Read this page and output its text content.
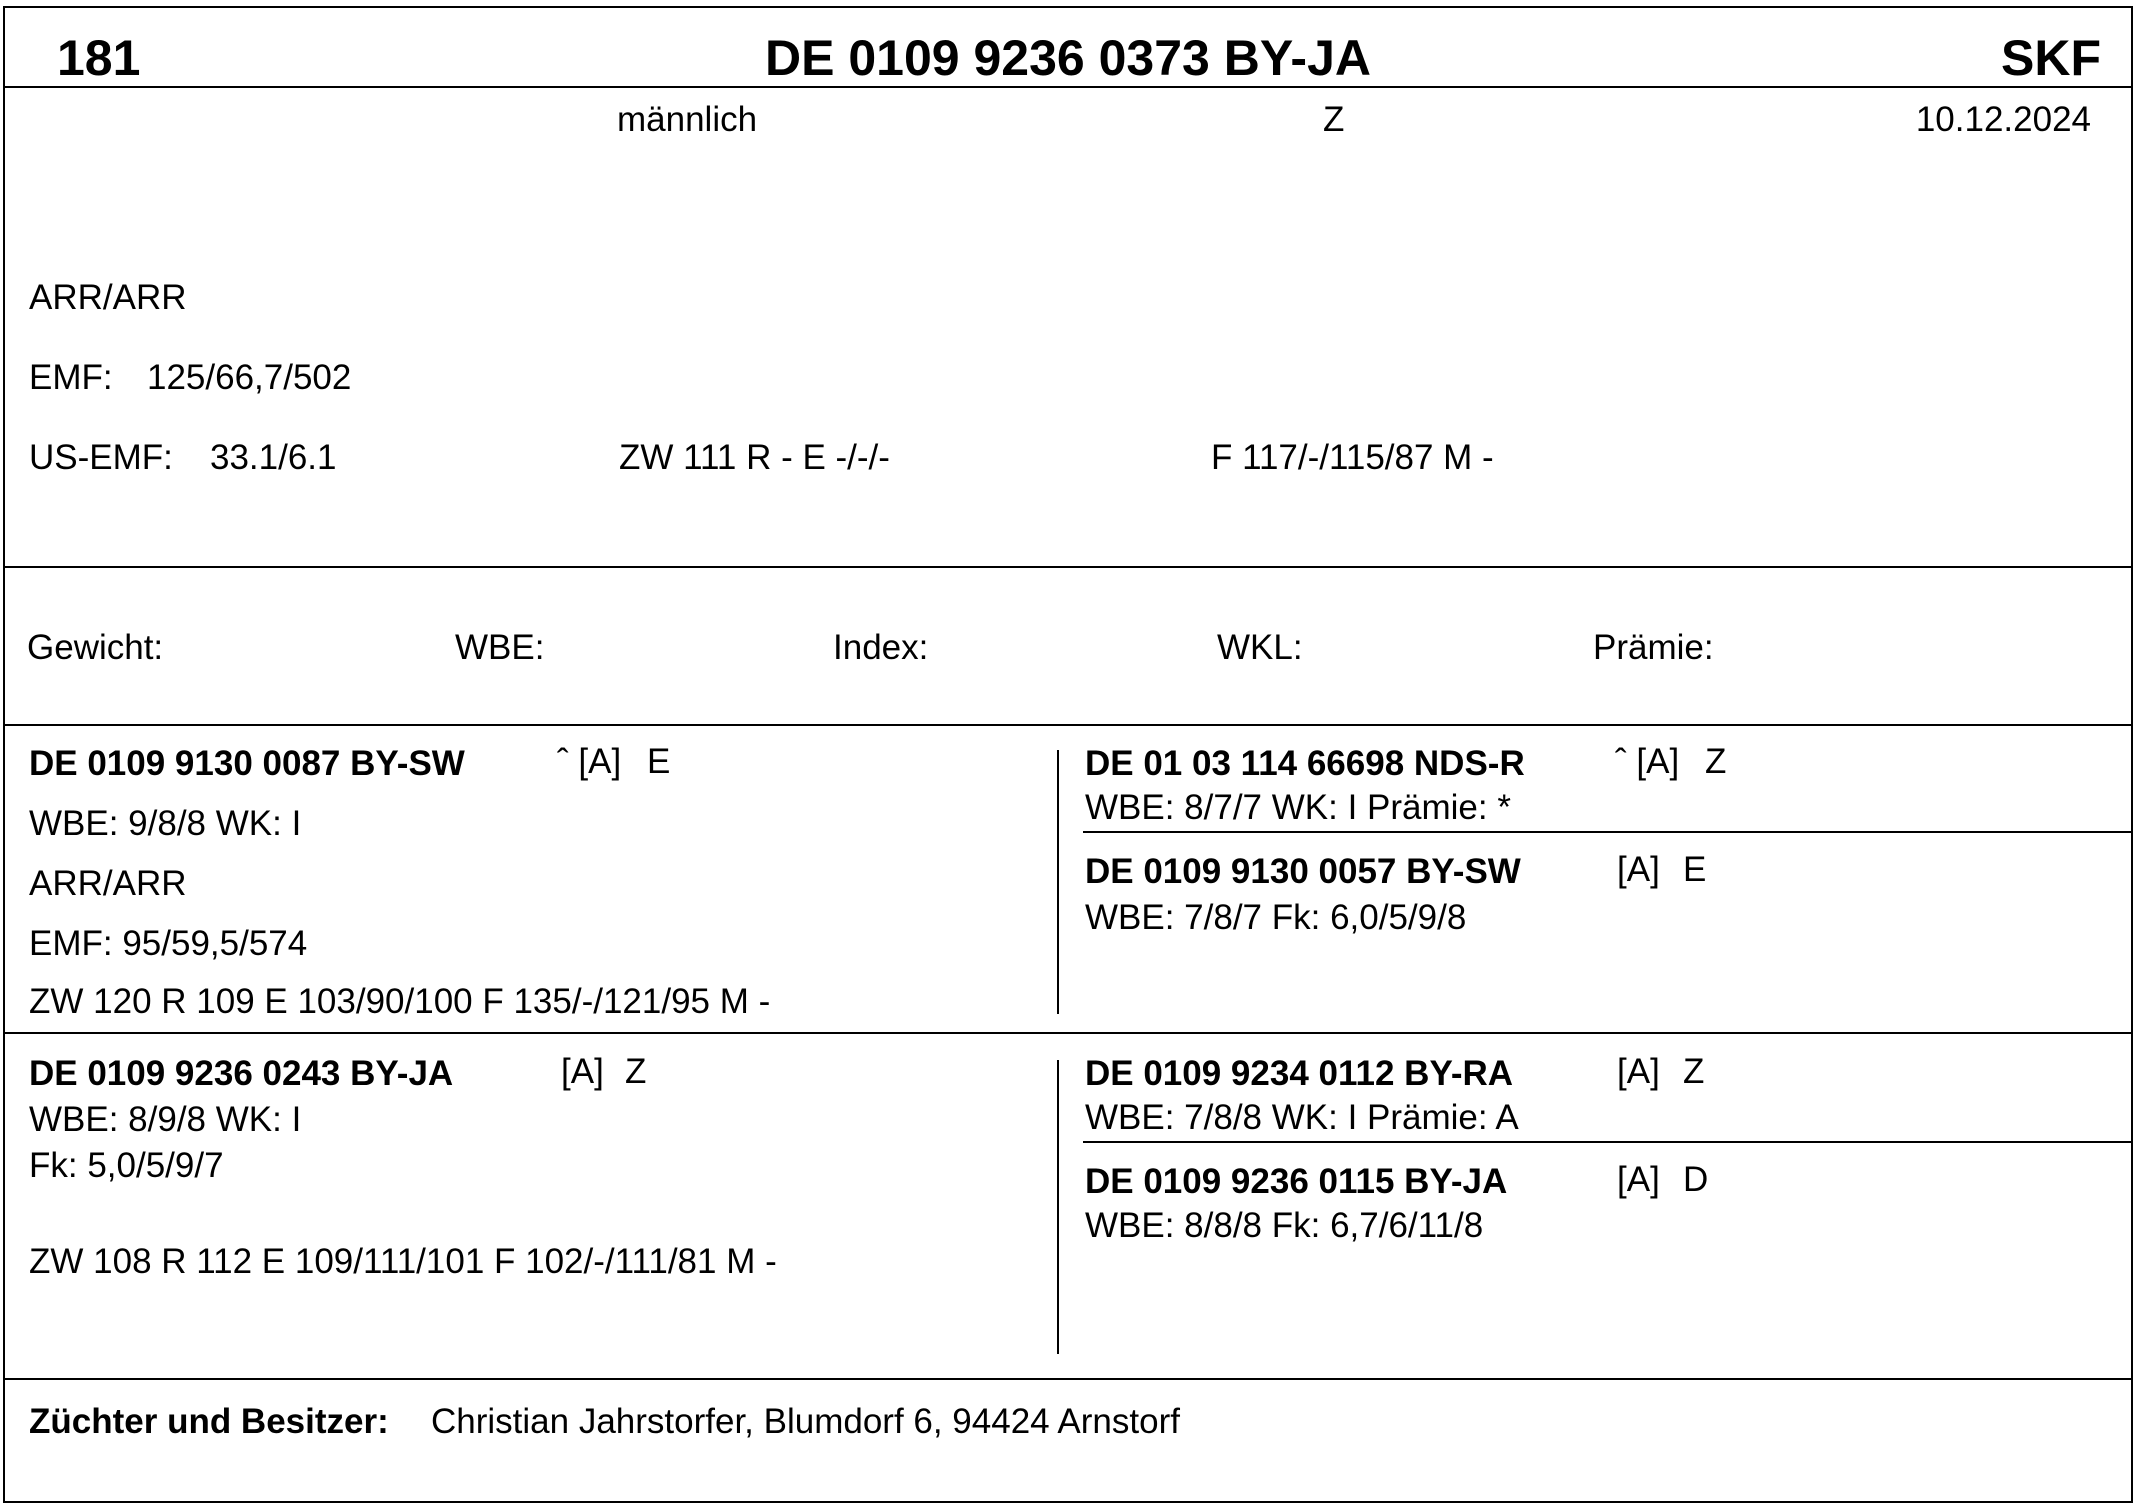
181	DE 0109 9236 0373 BY-JA	SKF
männlich	Z	10.12.2024
ARR/ARR
EMF: 125/66,7/502
US-EMF: 33.1/6.1	ZW 111 R - E -/-/-	F 117/-/115/87 M -
Gewicht:	WBE:	Index:	WKL:	Prämie:
DE 0109 9130 0087 BY-SW	ˆ [A] E
WBE: 9/8/8 WK: I
ARR/ARR
EMF: 95/59,5/574
ZW 120 R 109 E 103/90/100 F 135/-/121/95 M -
DE 01 03 114 66698 NDS-R	ˆ [A] Z
WBE: 8/7/7 WK: I Prämie: *
DE 0109 9130 0057 BY-SW	[A] E
WBE: 7/8/7 Fk: 6,0/5/9/8
DE 0109 9236 0243 BY-JA	[A] Z
WBE: 8/9/8 WK: I
Fk: 5,0/5/9/7
ZW 108 R 112 E 109/111/101 F 102/-/111/81 M -
DE 0109 9234 0112 BY-RA	[A] Z
WBE: 7/8/8 WK: I Prämie: A
DE 0109 9236 0115 BY-JA	[A] D
WBE: 8/8/8 Fk: 6,7/6/11/8
Züchter und Besitzer: Christian Jahrstorfer, Blumdorf 6, 94424 Arnstorf
